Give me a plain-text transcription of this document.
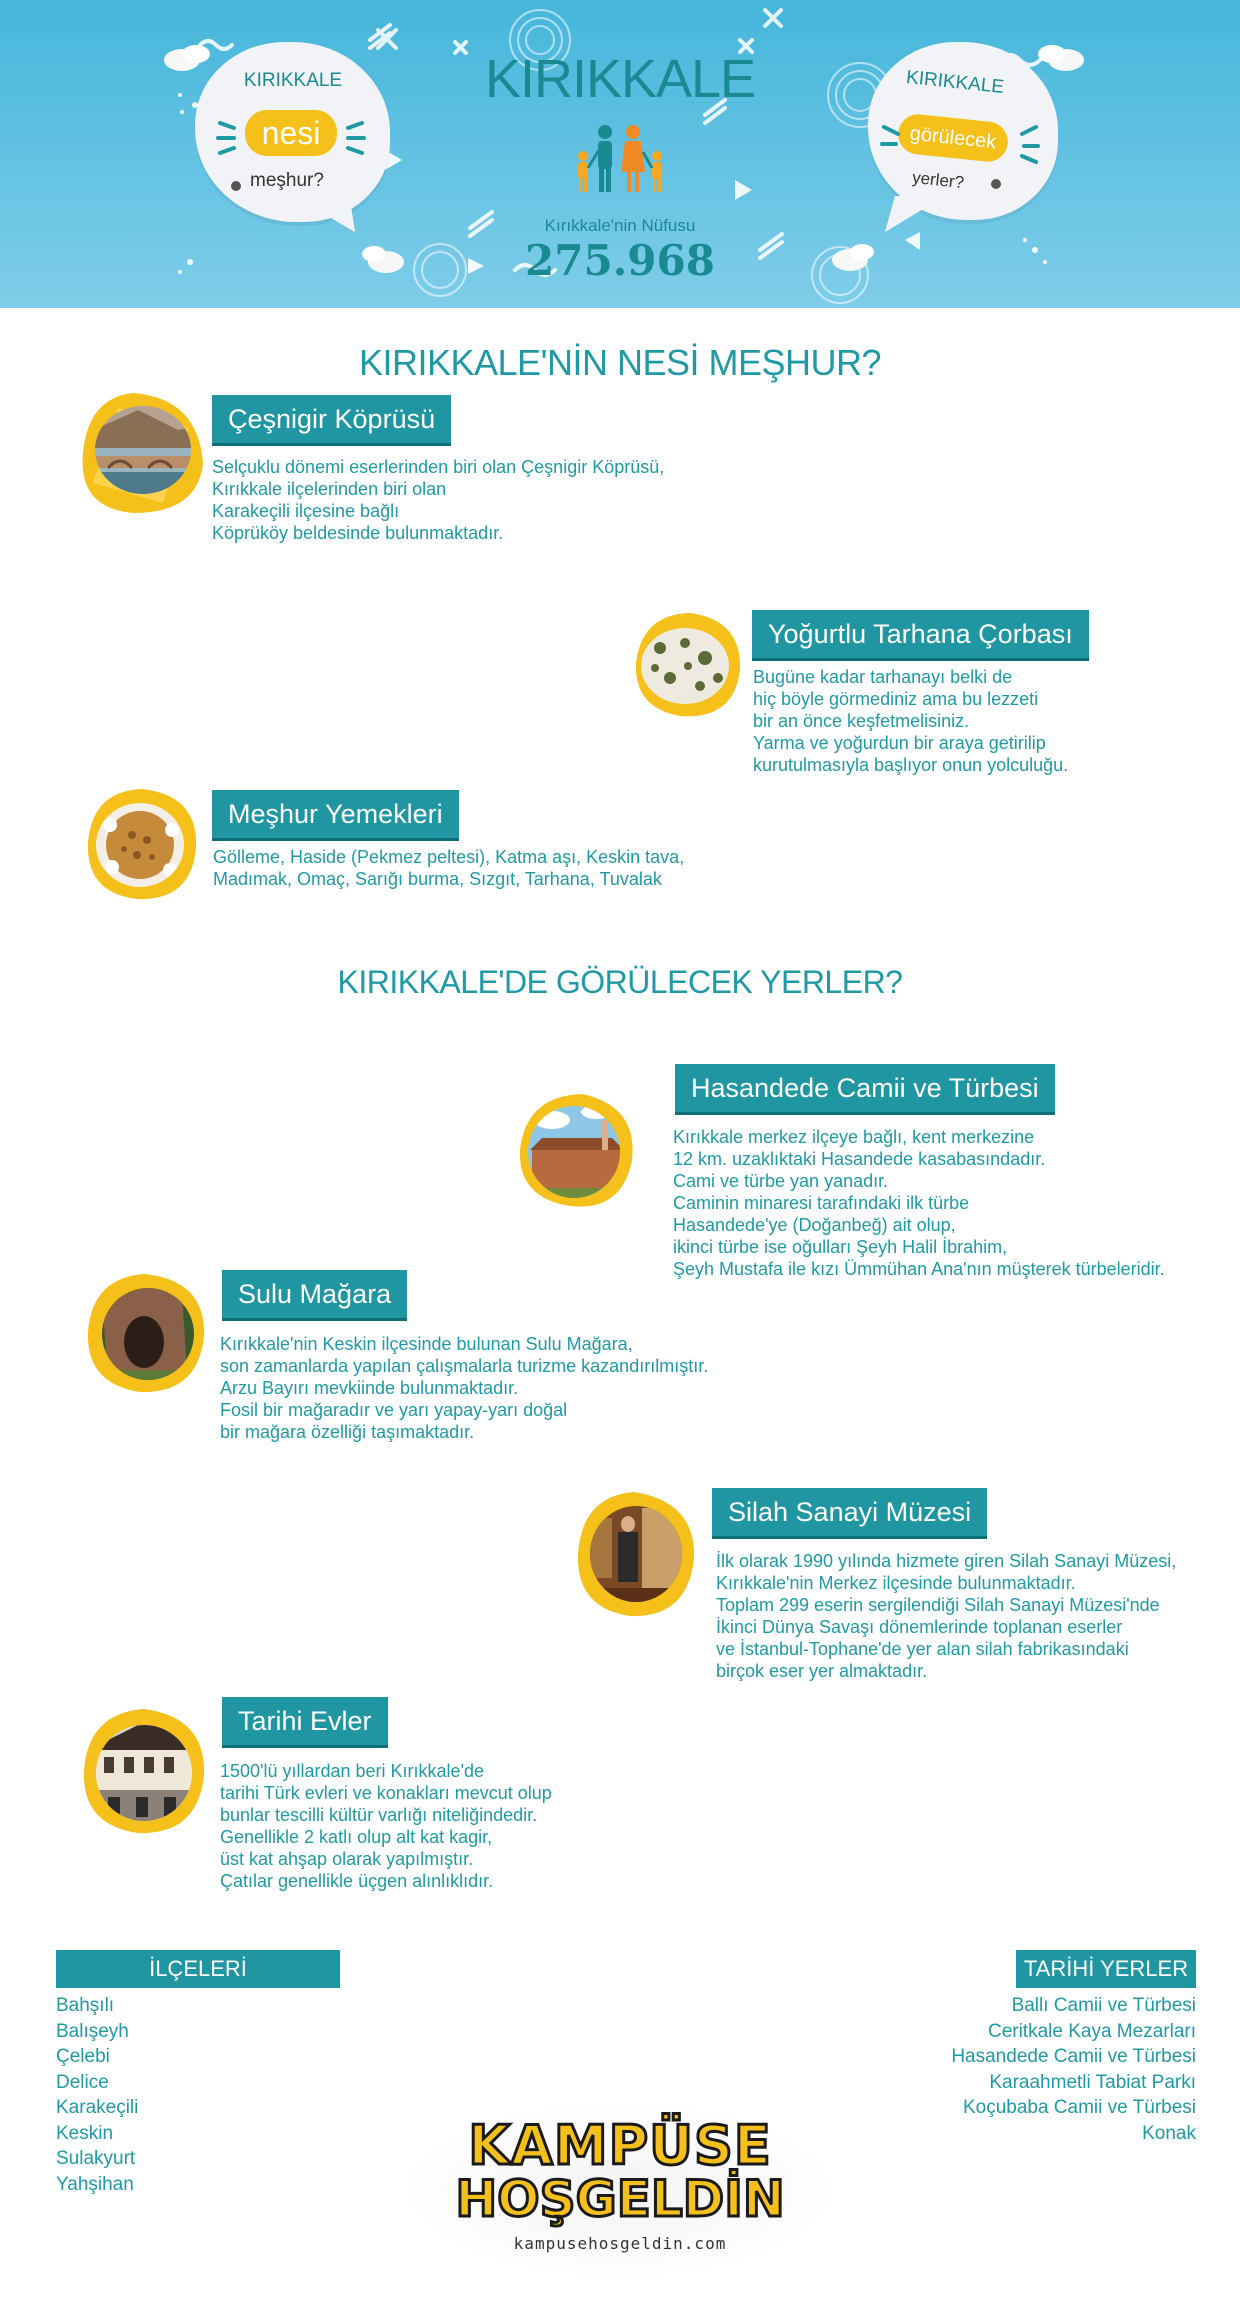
KIRIKKALE
nesi
meşhur?
KIRIKKALE
görülecek
yerler?
KIRIKKALE
Kırıkkale'nin Nüfusu
275.968
KIRIKKALE'NİN NESİ MEŞHUR?
Çeşnigir Köprüsü
Selçuklu dönemi eserlerinden biri olan Çeşnigir Köprüsü,
Kırıkkale ilçelerinden biri olan
Karakeçili ilçesine bağlı
Köprüköy beldesinde bulunmaktadır.
Yoğurtlu Tarhana Çorbası
Bugüne kadar tarhanayı belki de
hiç böyle görmediniz ama bu lezzeti
bir an önce keşfetmelisiniz.
Yarma ve yoğurdun bir araya getirilip
kurutulmasıyla başlıyor onun yolculuğu.
Meşhur Yemekleri
Gölleme, Haside (Pekmez peltesi), Katma aşı, Keskin tava,
Madımak, Omaç, Sarığı burma, Sızgıt, Tarhana, Tuvalak
KIRIKKALE'DE GÖRÜLECEK YERLER?
Hasandede Camii ve Türbesi
Kırıkkale merkez ilçeye bağlı, kent merkezine
12 km. uzaklıktaki Hasandede kasabasındadır.
Cami ve türbe yan yanadır.
Caminin minaresi tarafındaki ilk türbe
Hasandede'ye (Doğanbeğ) ait olup,
ikinci türbe ise oğulları Şeyh Halil İbrahim,
Şeyh Mustafa ile kızı Ümmühan Ana'nın müşterek türbeleridir.
Sulu Mağara
Kırıkkale'nin Keskin ilçesinde bulunan Sulu Mağara,
son zamanlarda yapılan çalışmalarla turizme kazandırılmıştır.
Arzu Bayırı mevkiinde bulunmaktadır.
Fosil bir mağaradır ve yarı yapay-yarı doğal
bir mağara özelliği taşımaktadır.
Silah Sanayi Müzesi
İlk olarak 1990 yılında hizmete giren Silah Sanayi Müzesi,
Kırıkkale'nin Merkez ilçesinde bulunmaktadır.
Toplam 299 eserin sergilendiği Silah Sanayi Müzesi'nde
İkinci Dünya Savaşı dönemlerinde toplanan eserler
ve İstanbul-Tophane'de yer alan silah fabrikasındaki
birçok eser yer almaktadır.
Tarihi Evler
1500'lü yıllardan beri Kırıkkale'de
tarihi Türk evleri ve konakları mevcut olup
bunlar tescilli kültür varlığı niteliğindedir.
Genellikle 2 katlı olup alt kat kagir,
üst kat ahşap olarak yapılmıştır.
Çatılar genellikle üçgen alınlıklıdır.
İLÇELERİ
Bahşılı
Balışeyh
Çelebi
Delice
Karakeçili
Keskin
Sulakyurt
Yahşihan
TARİHİ YERLER
Ballı Camii ve Türbesi
Ceritkale Kaya Mezarları
Hasandede Camii ve Türbesi
Karaahmetli Tabiat Parkı
Koçubaba Camii ve Türbesi
Konak
KAMPÜSE
HOŞGELDİN
kampusehosgeldin.com
